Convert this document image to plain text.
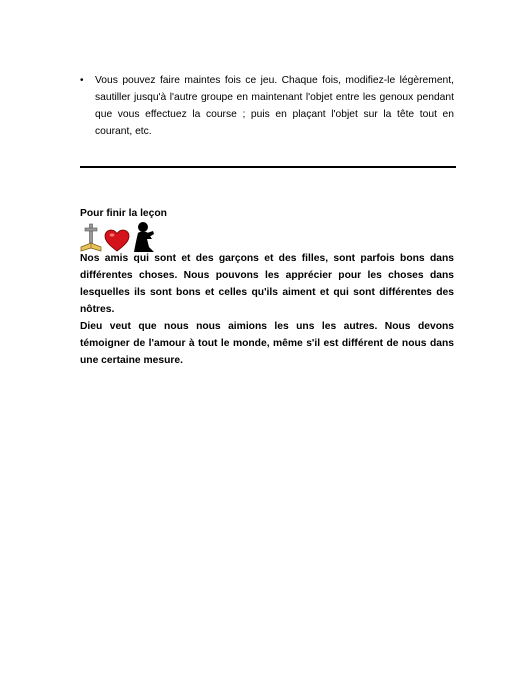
• Vous pouvez faire maintes fois ce jeu. Chaque fois, modifiez-le légèrement, sautiller jusqu'à l'autre groupe en maintenant l'objet entre les genoux pendant que vous effectuez la course ; puis en plaçant l'objet sur la tête tout en courant, etc.
Pour finir la leçon

Nos amis qui sont et des garçons et des filles, sont parfois bons dans différentes choses. Nous pouvons les apprécier pour les choses dans lesquelles ils sont bons et celles qu'ils aiment et qui sont différentes des nôtres.

Dieu veut que nous nous aimions les uns les autres. Nous devons témoigner de l'amour à tout le monde, même s'il est différent de nous dans une certaine mesure.
